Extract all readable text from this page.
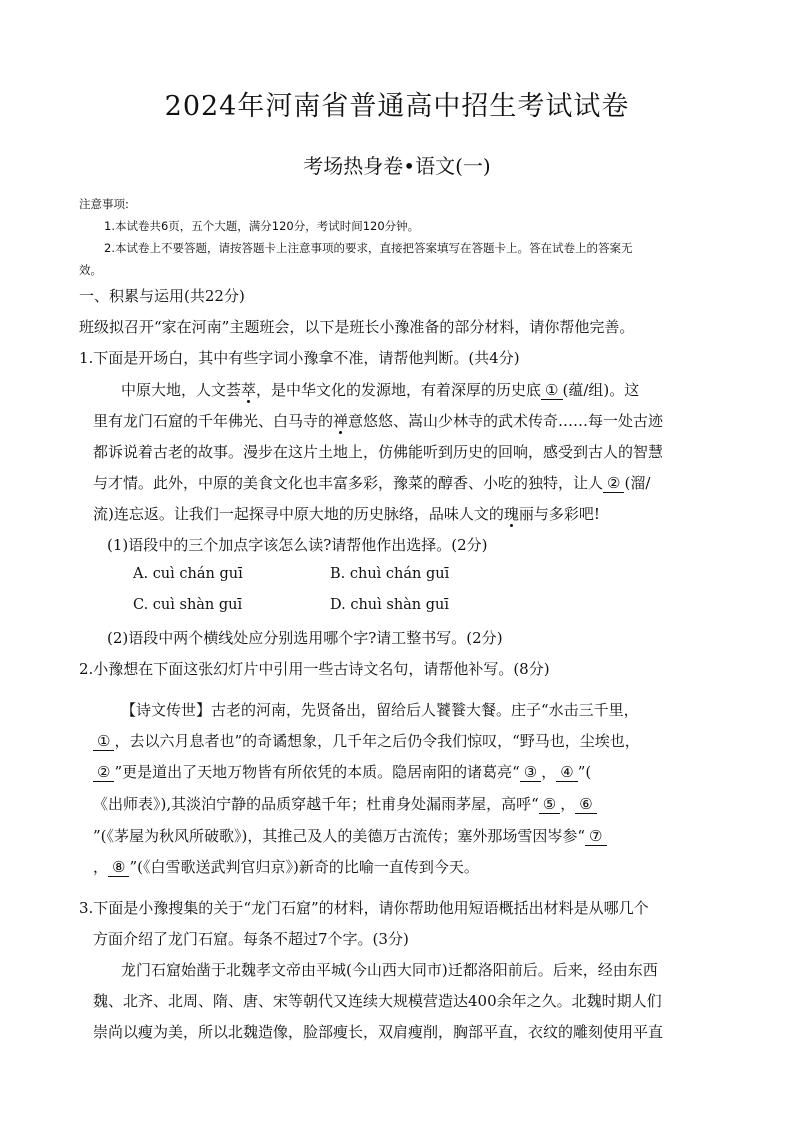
2024年河南省普通高中招生考试试卷
考场热身卷•语文(一)
注意事项:
1.本试卷共6页，五个大题，满分120分，考试时间120分钟。
2.本试卷上不要答题，请按答题卡上注意事项的要求，直接把答案填写在答题卡上。答在试卷上的答案无
效。
一、积累与运用(共22分)
班级拟召开“家在河南”主题班会，以下是班长小豫准备的部分材料，请你帮他完善。
1.下面是开场白，其中有些字词小豫拿不准，请帮他判断。(共4分)
中原大地，人文荟萃，是中华文化的发源地，有着深厚的历史底 ① (蕴/组)。这
里有龙门石窟的千年佛光、白马寺的禅意悠悠、嵩山少林寺的武术传奇……每一处古迹
都诉说着古老的故事。漫步在这片土地上，仿佛能听到历史的回响，感受到古人的智慧
与才情。此外，中原的美食文化也丰富多彩，豫菜的醇香、小吃的独特，让人 ② (溜/
流)连忘返。让我们一起探寻中原大地的历史脉络，品味人文的瑰丽与多彩吧!
(1)语段中的三个加点字该怎么读?请帮他作出选择。(2分)
A. cuì chán guī	B. chuì chán guī
C. cuì shàn guī	D. chuì shàn guī
(2)语段中两个横线处应分别选用哪个字?请工整书写。(2分)
2.小豫想在下面这张幻灯片中引用一些古诗文名句，请帮他补写。(8分)
【诗文传世】古老的河南，先贤备出，留给后人饕餮大餐。庄子“水击三千里，
① ，去以六月息者也”的奇谲想象，几千年之后仍令我们惊叹，“野马也，尘埃也，
② ”更是道出了天地万物皆有所依凭的本质。隐居南阳的诸葛亮“ ③ ， ④ ”(
《出师表》),其淡泊宁静的品质穿越千年；杜甫身处漏雨茅屋，高呼“ ⑤ ， ⑥
”(《茅屋为秋风所破歌》)，其推己及人的美德万古流传；塞外那场雪因岑参“ ⑦
， ⑧ ”(《白雪歌送武判官归京》)新奇的比喻一直传到今天。
3.下面是小豫搜集的关于“龙门石窟”的材料，请你帮助他用短语概括出材料是从哪几个
方面介绍了龙门石窟。每条不超过7个字。(3分)
龙门石窟始凿于北魏孝文帝由平城(今山西大同市)迁都洛阳前后。后来，经由东西
魏、北齐、北周、隋、唐、宋等朝代又连续大规模营造达400余年之久。北魏时期人们
崇尚以瘦为美，所以北魏造像，脸部瘦长，双肩瘦削，胸部平直，衣纹的雕刻使用平直
